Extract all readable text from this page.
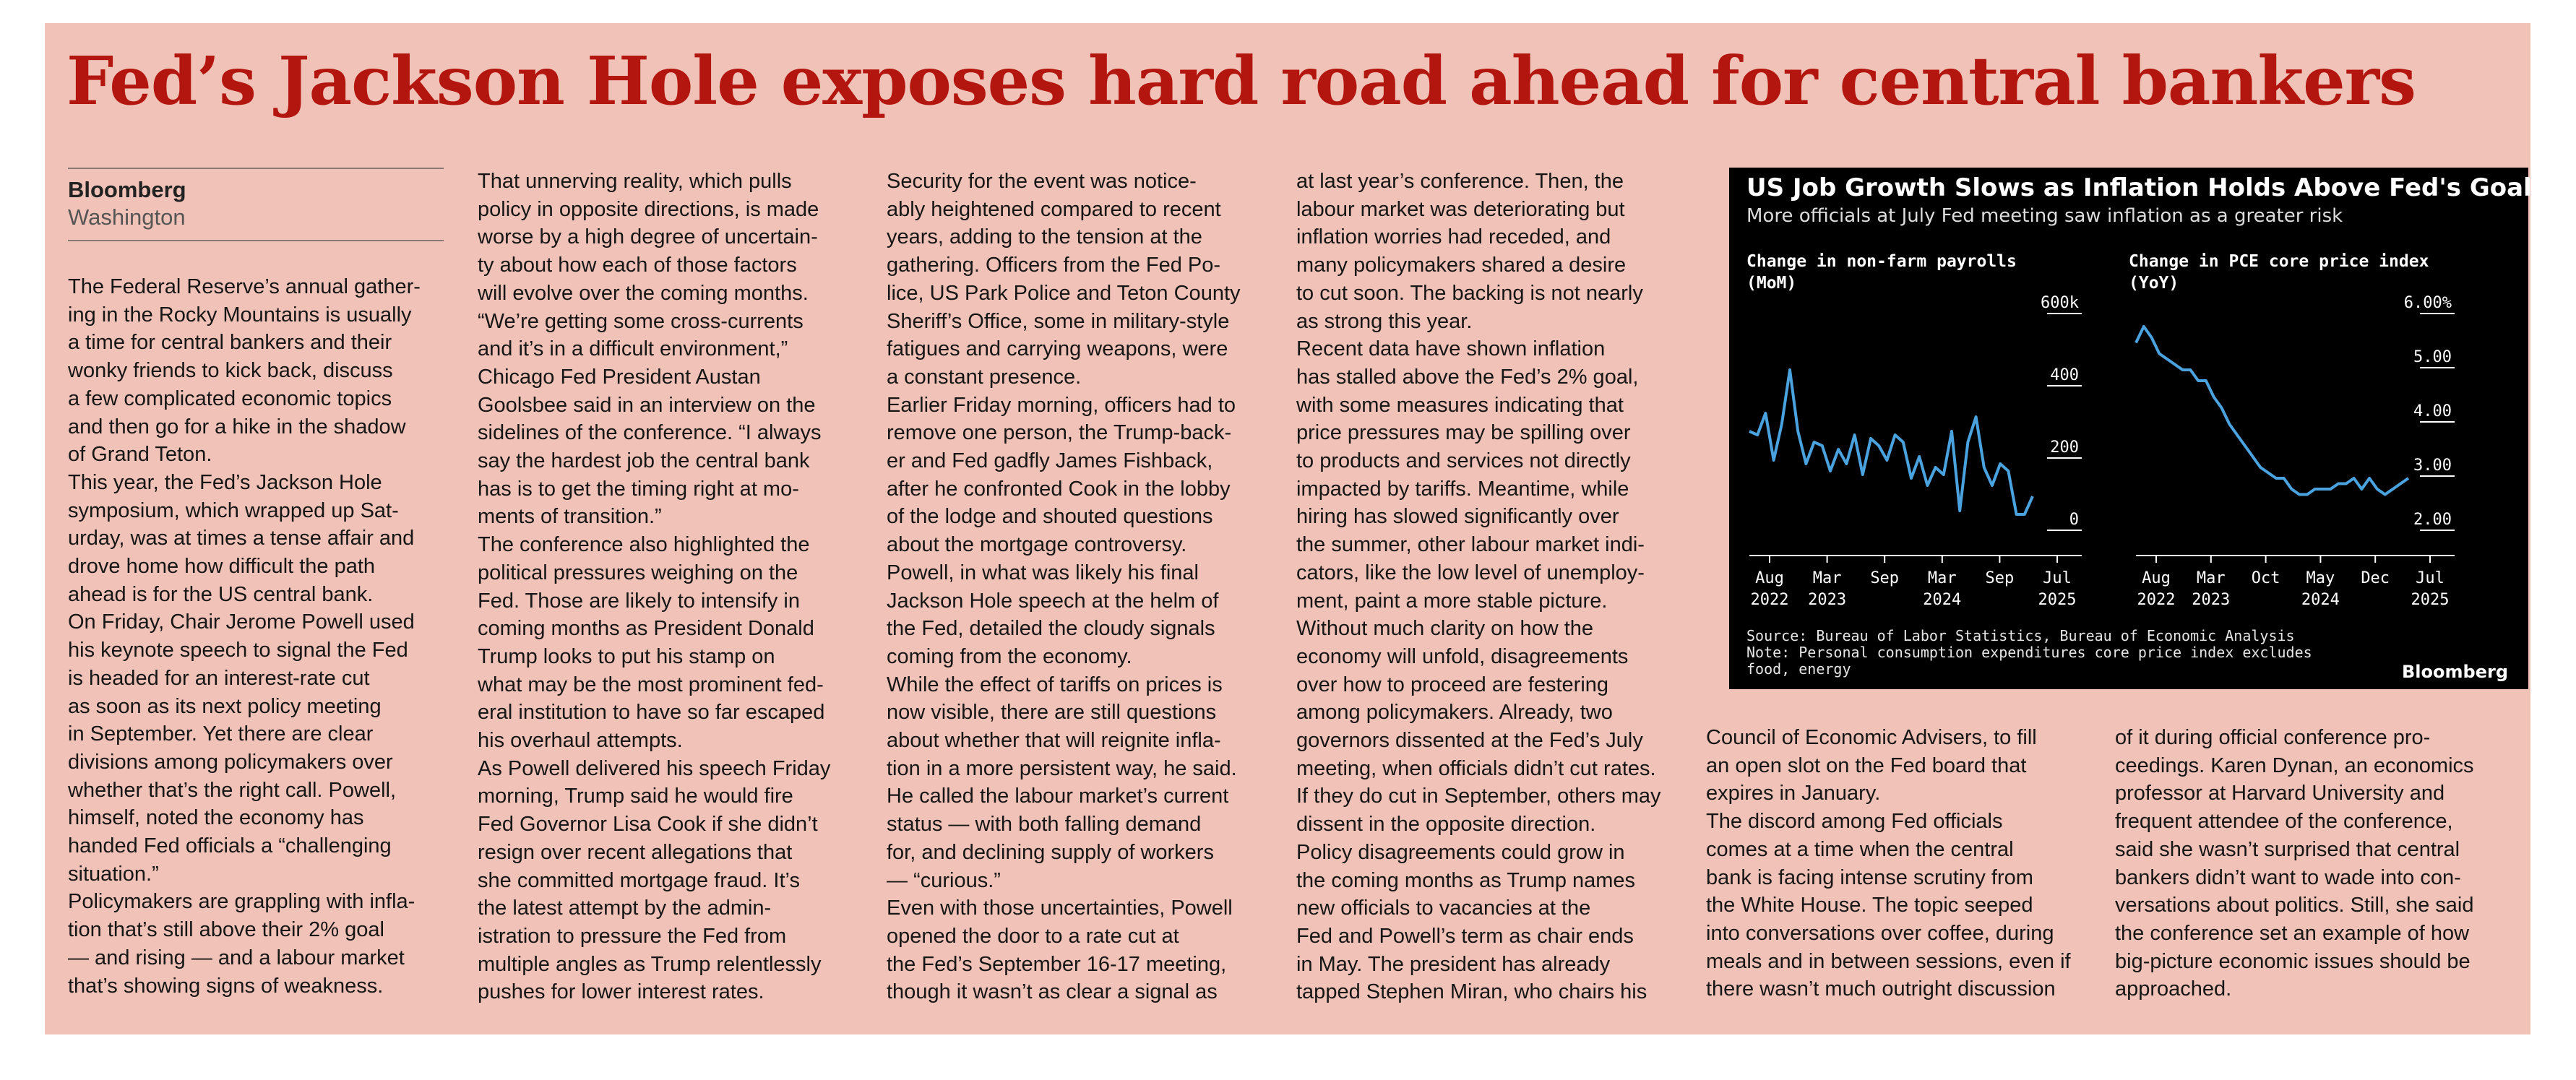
Fed’s Jackson Hole exposes hard road ahead for central bankers
Bloomberg
Washington

The Federal Reserve’s annual gather-
ing in the Rocky Mountains is usually
a time for central bankers and their
wonky friends to kick back, discuss
a few complicated economic topics
and then go for a hike in the shadow
of Grand Teton.

This year, the Fed’s Jackson Hole
symposium, which wrapped up Sat-
urday, was at times a tense affair and
drove home how difficult the path
ahead is for the US central bank.

On Friday, Chair Jerome Powell used
his keynote speech to signal the Fed
is headed for an interest-rate cut
as soon as its next policy meeting
in September. Yet there are clear
divisions among policymakers over
whether that’s the right call. Powell,
himself, noted the economy has
handed Fed officials a “challenging
situation.”

Policymakers are grappling with infla-
tion that’s still above their 2% goal
— and rising — and a labour market
that’s showing signs of weakness.

That unnerving reality, which pulls
policy in opposite directions, is made
worse by a high degree of uncertain-
ty about how each of those factors
will evolve over the coming months.
“We’re getting some cross-currents
and it’s in a difficult environment,”
Chicago Fed President Austan
Goolsbee said in an interview on the
sidelines of the conference. “I always
say the hardest job the central bank
has is to get the timing right at mo-
ments of transition.”

The conference also highlighted the
political pressures weighing on the
Fed. Those are likely to intensify in
coming months as President Donald
Trump looks to put his stamp on
what may be the most prominent fed-
eral institution to have so far escaped
his overhaul attempts.

As Powell delivered his speech Friday
morning, Trump said he would fire
Fed Governor Lisa Cook if she didn’t
resign over recent allegations that
she committed mortgage fraud. It’s
the latest attempt by the admin-
istration to pressure the Fed from
multiple angles as Trump relentlessly
pushes for lower interest rates.

Security for the event was notice-
ably heightened compared to recent
years, adding to the tension at the
gathering. Officers from the Fed Po-
lice, US Park Police and Teton County
Sheriff’s Office, some in military-style
fatigues and carrying weapons, were
a constant presence.

Earlier Friday morning, officers had to
remove one person, the Trump-back-
er and Fed gadfly James Fishback,
after he confronted Cook in the lobby
of the lodge and shouted questions
about the mortgage controversy.

Powell, in what was likely his final
Jackson Hole speech at the helm of
the Fed, detailed the cloudy signals
coming from the economy.

While the effect of tariffs on prices is
now visible, there are still questions
about whether that will reignite infla-
tion in a more persistent way, he said.
He called the labour market’s current
status — with both falling demand
for, and declining supply of workers
— “curious.”

Even with those uncertainties, Powell
opened the door to a rate cut at
the Fed’s September 16-17 meeting,
though it wasn’t as clear a signal as

at last year’s conference. Then, the
labour market was deteriorating but
inflation worries had receded, and
many policymakers shared a desire
to cut soon. The backing is not nearly
as strong this year.

Recent data have shown inflation
has stalled above the Fed’s 2% goal,
with some measures indicating that
price pressures may be spilling over
to products and services not directly
impacted by tariffs. Meantime, while
hiring has slowed significantly over
the summer, other labour market indi-
cators, like the low level of unemploy-
ment, paint a more stable picture.

Without much clarity on how the
economy will unfold, disagreements
over how to proceed are festering
among policymakers. Already, two
governors dissented at the Fed’s July
meeting, when officials didn’t cut rates.
If they do cut in September, others may
dissent in the opposite direction.

Policy disagreements could grow in
the coming months as Trump names
new officials to vacancies at the
Fed and Powell’s term as chair ends
in May. The president has already
tapped Stephen Miran, who chairs his

US Job Growth Slows as Inflation Holds Above Fed's Goal
More officials at July Fed meeting saw inflation as a greater risk
Change in non-farm payrolls
(MoM)
Change in PCE core price index
(YoY)
600k
400
200
0
Aug
2022
Mar
2023
Sep Mar
2024
Sep Jul
2025
6.00%
5.00
4.00
3.00
2.00
Aug
2022
Mar
2023
Oct May
2024
Dec Jul
2025
Source: Bureau of Labor Statistics, Bureau of Economic Analysis
Note: Personal consumption expenditures core price index excludes
food, energy	Bloomberg

Council of Economic Advisers, to fill
an open slot on the Fed board that
expires in January.

The discord among Fed officials
comes at a time when the central
bank is facing intense scrutiny from
the White House. The topic seeped
into conversations over coffee, during
meals and in between sessions, even if
there wasn’t much outright discussion

of it during official conference pro-
ceedings. Karen Dynan, an economics
professor at Harvard University and
frequent attendee of the conference,
said she wasn’t surprised that central
bankers didn’t want to wade into con-
versations about politics. Still, she said
the conference set an example of how
big-picture economic issues should be
approached.
